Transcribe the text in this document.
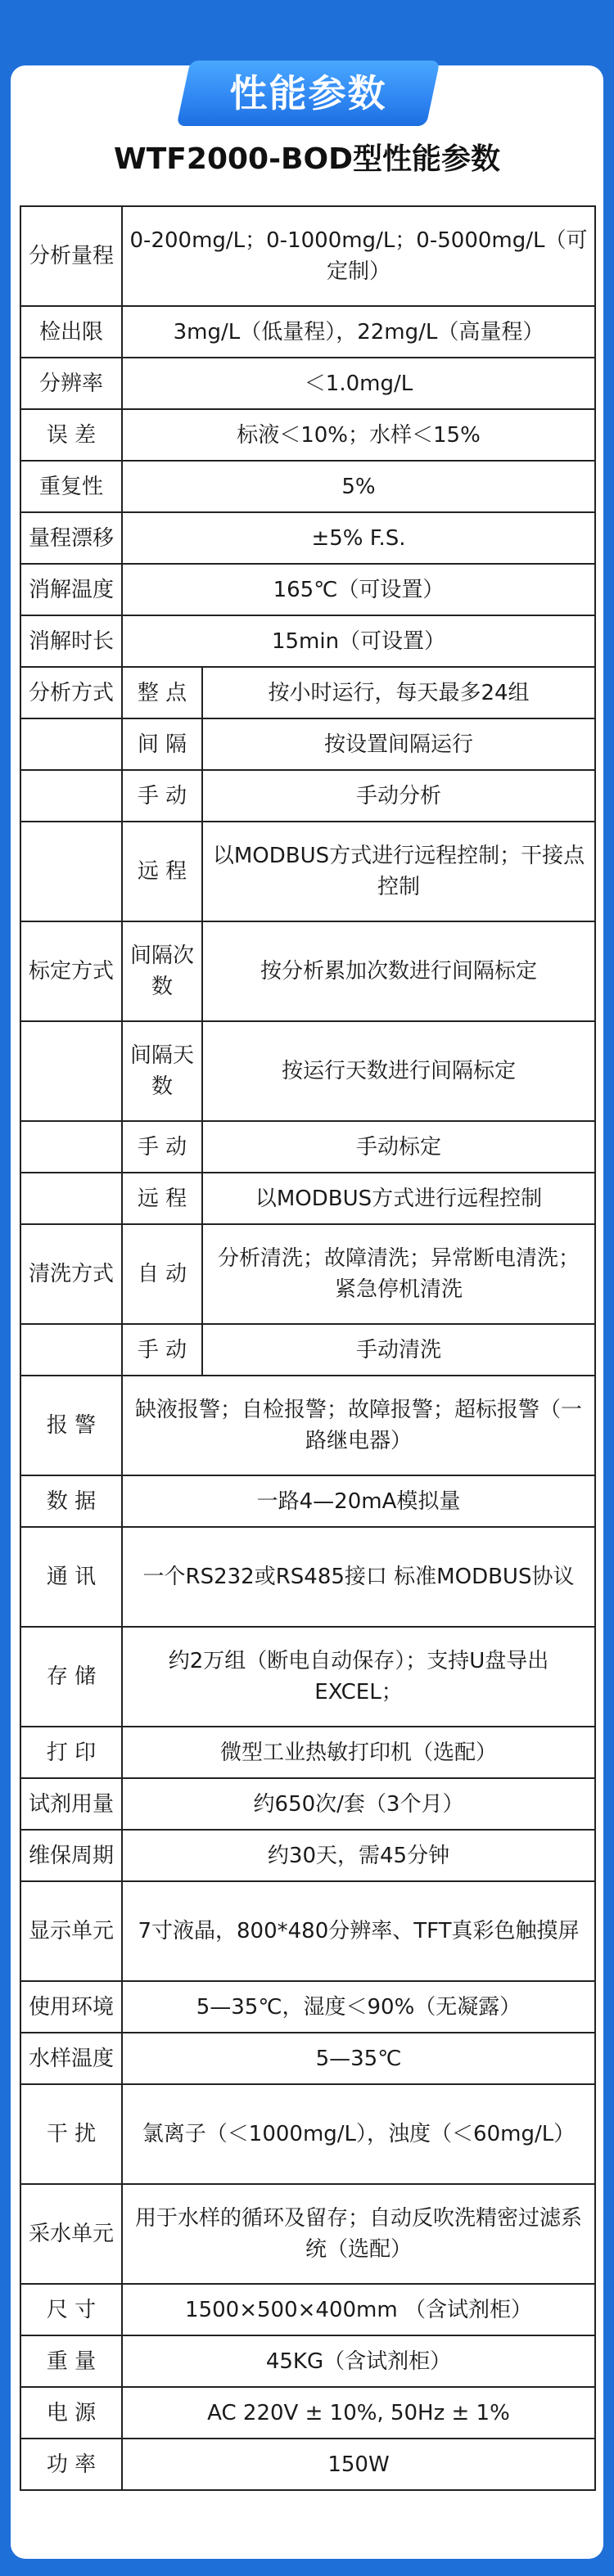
性能参数
WTF2000-BOD型性能参数
分析量程	0-200mg/L；0-1000mg/L；0-5000mg/L（可定制）	
检出限	3mg/L（低量程），22mg/L（高量程）	
分辨率	＜1.0mg/L	
误 差	标液＜10%；水样＜15%	
重复性	5%	
量程漂移	±5% F.S.	
消解温度	165℃（可设置）	
消解时长	15min（可设置）	
分析方式	整 点	按小时运行，每天最多24组
	间 隔	按设置间隔运行
	手 动	手动分析
	远 程	以MODBUS方式进行远程控制；干接点控制
标定方式	间隔次数	按分析累加次数进行间隔标定
	间隔天数	按运行天数进行间隔标定
	手 动	手动标定
	远 程	以MODBUS方式进行远程控制
清洗方式	自 动	分析清洗；故障清洗；异常断电清洗；紧急停机清洗
	手 动	手动清洗
报 警	缺液报警；自检报警；故障报警；超标报警（一路继电器）	
数 据	一路4—20mA模拟量	
通 讯	一个RS232或RS485接口 标准MODBUS协议	
存 储	约2万组（断电自动保存）；支持U盘导出EXCEL；	
打 印	微型工业热敏打印机（选配）	
试剂用量	约650次/套（3个月）	
维保周期	约30天，需45分钟	
显示单元	7寸液晶，800*480分辨率、TFT真彩色触摸屏	
使用环境	5—35℃，湿度＜90%（无凝露）	
水样温度	5—35℃	
干 扰	氯离子（＜1000mg/L），浊度（＜60mg/L）	
采水单元	用于水样的循环及留存；自动反吹洗精密过滤系统（选配）	
尺 寸	1500×500×400mm （含试剂柜）	
重 量	45KG（含试剂柜）	
电 源	AC 220V ± 10%, 50Hz ± 1%	
功 率	150W	
